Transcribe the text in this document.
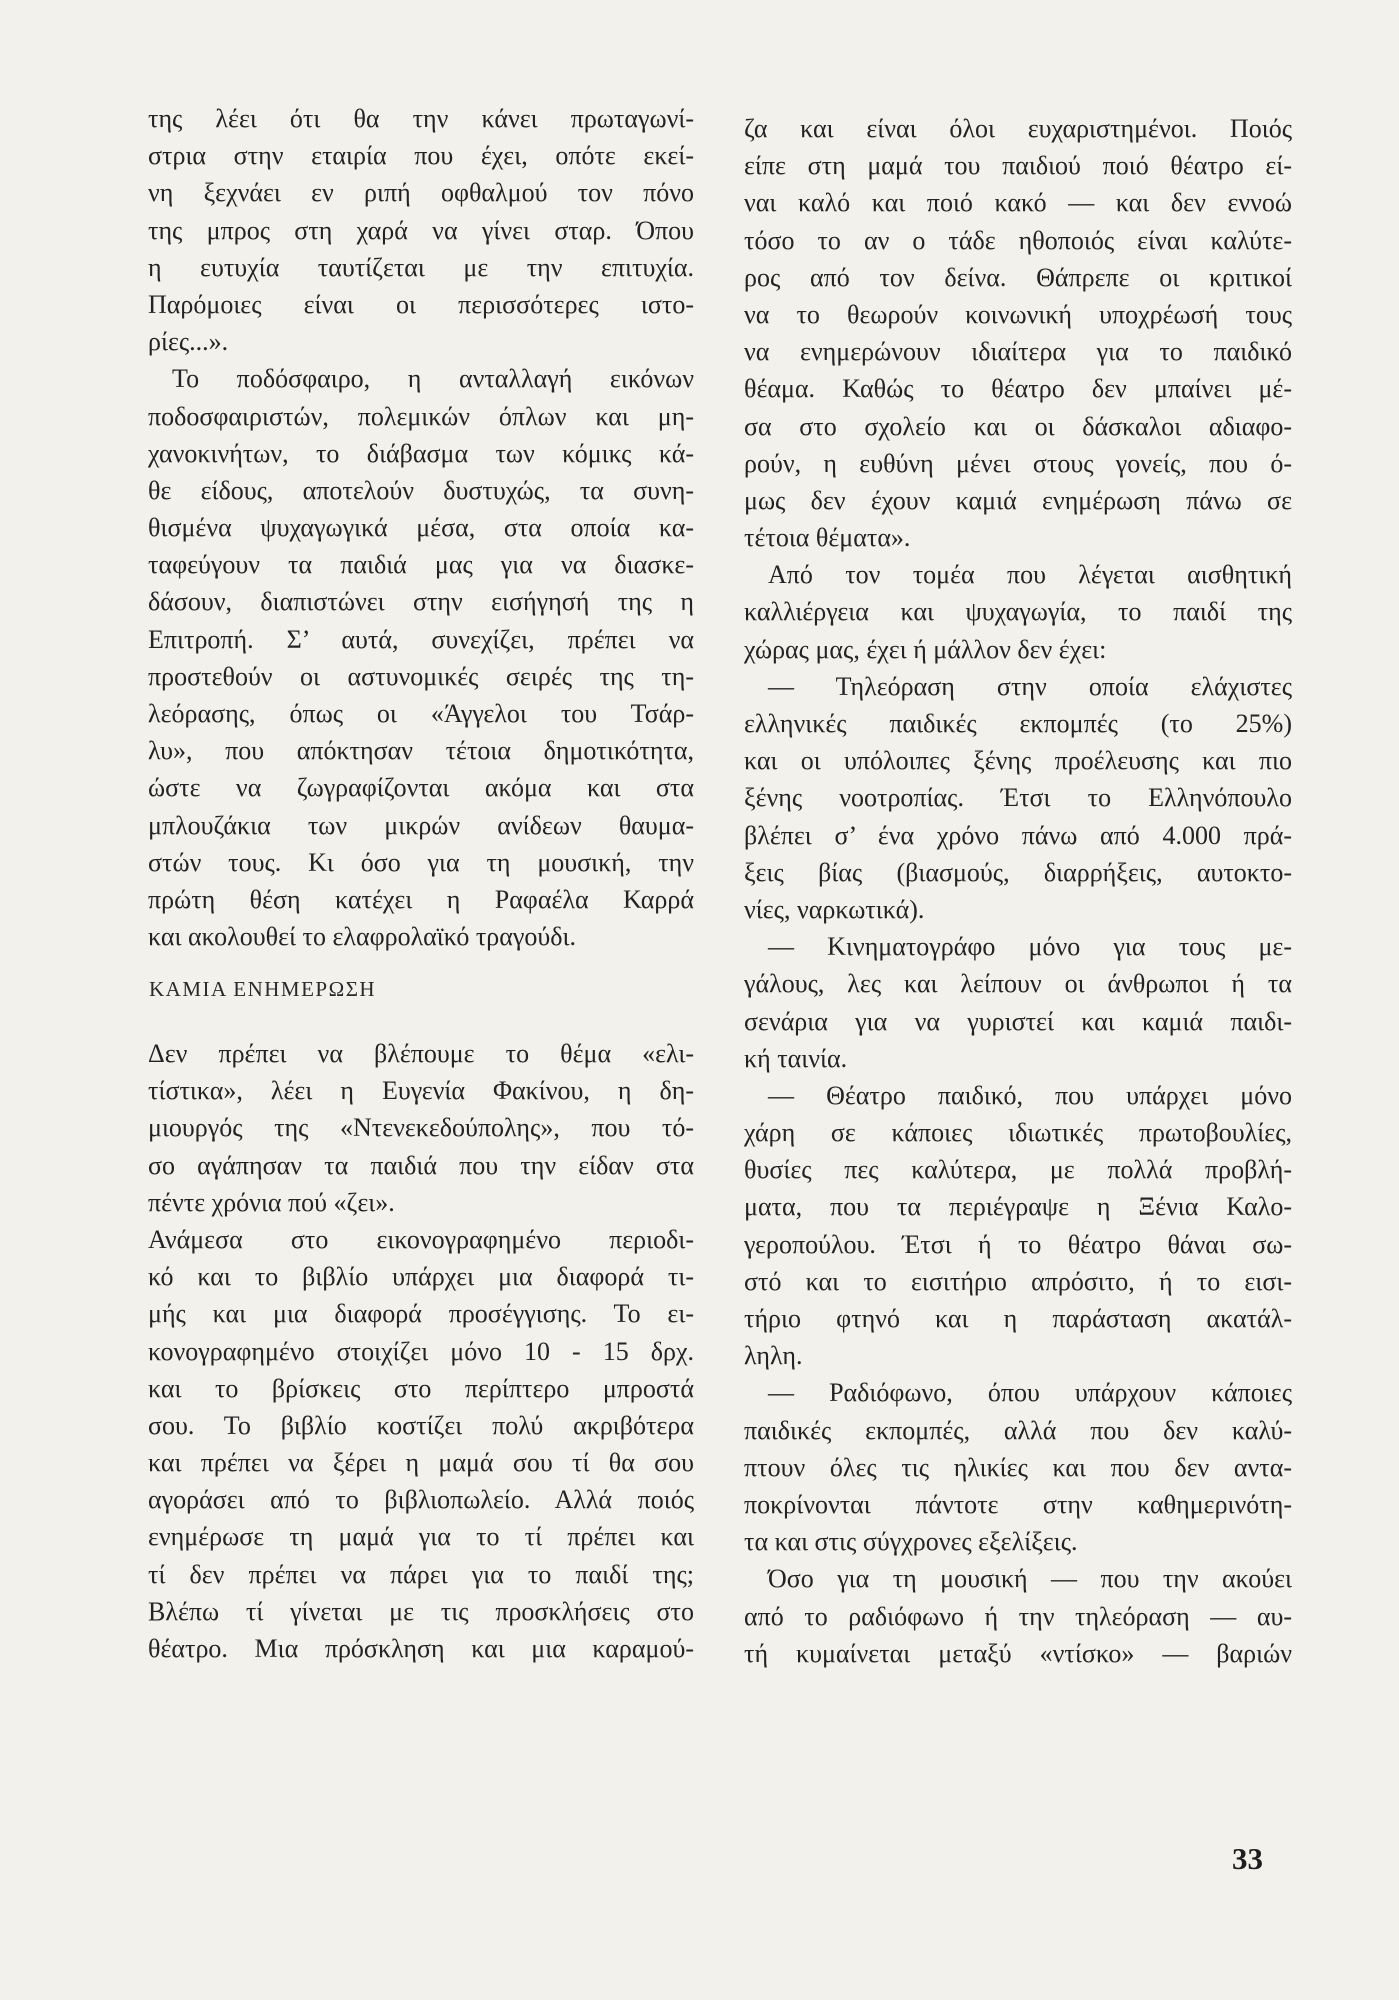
της λέει ότι θα την κάνει πρωταγωνί-
στρια στην εταιρία που έχει, οπότε εκεί-
νη ξεχνάει εν ριπή οφθαλμού τον πόνο
της μπρος στη χαρά να γίνει σταρ. Όπου
η ευτυχία ταυτίζεται με την επιτυχία.
Παρόμοιες είναι οι περισσότερες ιστο-
ρίες...».
Το ποδόσφαιρο, η ανταλλαγή εικόνων
ποδοσφαιριστών, πολεμικών όπλων και μη-
χανοκινήτων, το διάβασμα των κόμικς κά-
θε είδους, αποτελούν δυστυχώς, τα συνη-
θισμένα ψυχαγωγικά μέσα, στα οποία κα-
ταφεύγουν τα παιδιά μας για να διασκε-
δάσουν, διαπιστώνει στην εισήγησή της η
Επιτροπή. Σ’ αυτά, συνεχίζει, πρέπει να
προστεθούν οι αστυνομικές σειρές της τη-
λεόρασης, όπως οι «Άγγελοι του Τσάρ-
λυ», που απόκτησαν τέτοια δημοτικότητα,
ώστε να ζωγραφίζονται ακόμα και στα
μπλουζάκια των μικρών ανίδεων θαυμα-
στών τους. Κι όσο για τη μουσική, την
πρώτη θέση κατέχει η Ραφαέλα Καρρά
και ακολουθεί το ελαφρολαϊκό τραγούδι.
ΚΑΜΙΑ ΕΝΗΜΕΡΩΣΗ
Δεν πρέπει να βλέπουμε το θέμα «ελι-
τίστικα», λέει η Ευγενία Φακίνου, η δη-
μιουργός της «Ντενεκεδούπολης», που τό-
σο αγάπησαν τα παιδιά που την είδαν στα
πέντε χρόνια πού «ζει».
Ανάμεσα στο εικονογραφημένο περιοδι-
κό και το βιβλίο υπάρχει μια διαφορά τι-
μής και μια διαφορά προσέγγισης. Το ει-
κονογραφημένο στοιχίζει μόνο 10 - 15 δρχ.
και το βρίσκεις στο περίπτερο μπροστά
σου. Το βιβλίο κοστίζει πολύ ακριβότερα
και πρέπει να ξέρει η μαμά σου τί θα σου
αγοράσει από το βιβλιοπωλείο. Αλλά ποιός
ενημέρωσε τη μαμά για το τί πρέπει και
τί δεν πρέπει να πάρει για το παιδί της;
Βλέπω τί γίνεται με τις προσκλήσεις στο
θέατρο. Μια πρόσκληση και μια καραμού-
ζα και είναι όλοι ευχαριστημένοι. Ποιός
είπε στη μαμά του παιδιού ποιό θέατρο εί-
ναι καλό και ποιό κακό — και δεν εννοώ
τόσο το αν ο τάδε ηθοποιός είναι καλύτε-
ρος από τον δείνα. Θάπρεπε οι κριτικοί
να το θεωρούν κοινωνική υποχρέωσή τους
να ενημερώνουν ιδιαίτερα για το παιδικό
θέαμα. Καθώς το θέατρο δεν μπαίνει μέ-
σα στο σχολείο και οι δάσκαλοι αδιαφο-
ρούν, η ευθύνη μένει στους γονείς, που ό-
μως δεν έχουν καμιά ενημέρωση πάνω σε
τέτοια θέματα».
Από τον τομέα που λέγεται αισθητική
καλλιέργεια και ψυχαγωγία, το παιδί της
χώρας μας, έχει ή μάλλον δεν έχει:
— Τηλεόραση στην οποία ελάχιστες
ελληνικές παιδικές εκπομπές (το 25%)
και οι υπόλοιπες ξένης προέλευσης και πιο
ξένης νοοτροπίας. Έτσι το Ελληνόπουλο
βλέπει σ’ ένα χρόνο πάνω από 4.000 πρά-
ξεις βίας (βιασμούς, διαρρήξεις, αυτοκτο-
νίες, ναρκωτικά).
— Κινηματογράφο μόνο για τους με-
γάλους, λες και λείπουν οι άνθρωποι ή τα
σενάρια για να γυριστεί και καμιά παιδι-
κή ταινία.
— Θέατρο παιδικό, που υπάρχει μόνο
χάρη σε κάποιες ιδιωτικές πρωτοβουλίες,
θυσίες πες καλύτερα, με πολλά προβλή-
ματα, που τα περιέγραψε η Ξένια Καλο-
γεροπούλου. Έτσι ή το θέατρο θάναι σω-
στό και το εισιτήριο απρόσιτο, ή το εισι-
τήριο φτηνό και η παράσταση ακατάλ-
ληλη.
— Ραδιόφωνο, όπου υπάρχουν κάποιες
παιδικές εκπομπές, αλλά που δεν καλύ-
πτουν όλες τις ηλικίες και που δεν αντα-
ποκρίνονται πάντοτε στην καθημερινότη-
τα και στις σύγχρονες εξελίξεις.
Όσο για τη μουσική — που την ακούει
από το ραδιόφωνο ή την τηλεόραση — αυ-
τή κυμαίνεται μεταξύ «ντίσκο» — βαριών
33
